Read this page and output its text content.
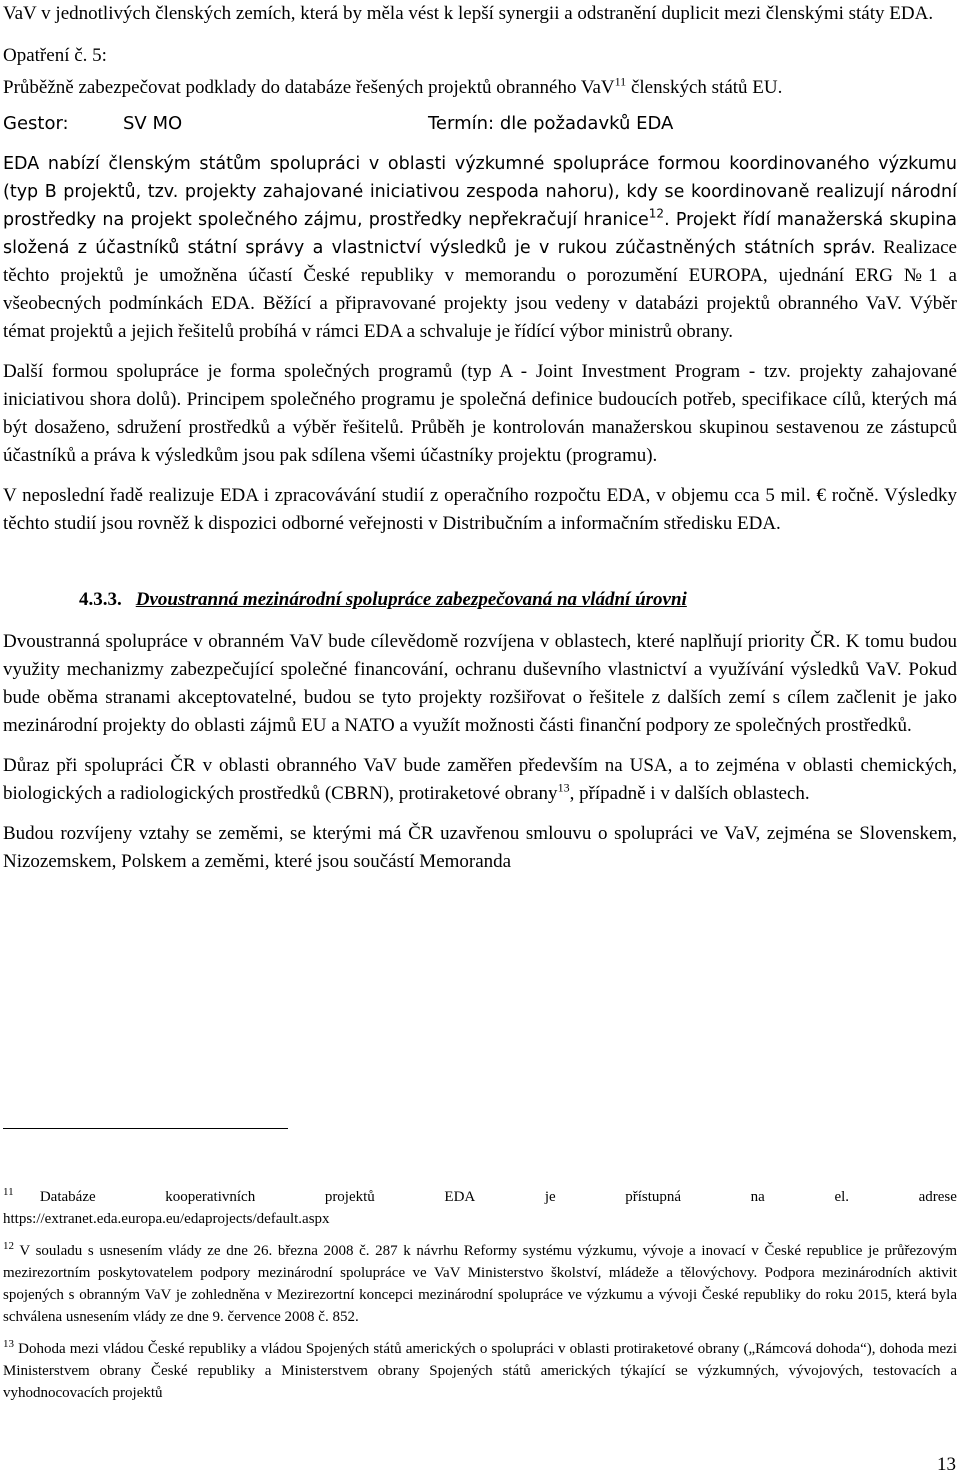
VaV v jednotlivých členských zemích, která by měla vést k lepší synergii a odstranění duplicit mezi členskými státy EDA.

Opatření č. 5:

Průběžně zabezpečovat podklady do databáze řešených projektů obranného VaV$^{11}$ členských států EU.

Gestor:	SV MO	Termín: dle požadavků EDA

EDA nabízí členským státům spolupráci v oblasti výzkumné spolupráce formou koordinovaného výzkumu (typ B projektů, tzv. projekty zahajované iniciativou zespoda nahoru), kdy se koordinovaně realizují národní prostředky na projekt společného zájmu, prostředky nepřekračují hranice$^{12}$. Projekt řídí manažerská skupina složená z účastníků státní správy a vlastnictví výsledků je v rukou zúčastněných státních správ. Realizace těchto projektů je umožněna účastí České republiky v memorandu o porozumění EUROPA, ujednání ERG №1 a všeobecných podmínkách EDA. Běžící a připravované projekty jsou vedeny v databázi projektů obranného VaV. Výběr témat projektů a jejich řešitelů probíhá v rámci EDA a schvaluje je řídící výbor ministrů obrany.

Další formou spolupráce je forma společných programů (typ A - Joint Investment Program - tzv. projekty zahajované iniciativou shora dolů). Principem společného programu je společná definice budoucích potřeb, specifikace cílů, kterých má být dosaženo, sdružení prostředků a výběr řešitelů. Průběh je kontrolován manažerskou skupinou sestavenou ze zástupců účastníků a práva k výsledkům jsou pak sdílena všemi účastníky projektu (programu).

V neposlední řadě realizuje EDA i zpracovávání studií z operačního rozpočtu EDA, v objemu cca 5 mil. € ročně. Výsledky těchto studií jsou rovněž k dispozici odborné veřejnosti v Distribučním a informačním středisku EDA.

4.3.3. Dvoustranná mezinárodní spolupráce zabezpečovaná na vládní úrovni

Dvoustranná spolupráce v obranném VaV bude cílevědomě rozvíjena v oblastech, které naplňují priority ČR. K tomu budou využity mechanizmy zabezpečující společné financování, ochranu duševního vlastnictví a využívání výsledků VaV. Pokud bude oběma stranami akceptovatelné, budou se tyto projekty rozšiřovat o řešitele z dalších zemí s cílem začlenit je jako mezinárodní projekty do oblasti zájmů EU a NATO a využít možnosti části finanční podpory ze společných prostředků.

Důraz při spolupráci ČR v oblasti obranného VaV bude zaměřen především na USA, a to zejména v oblasti chemických, biologických a radiologických prostředků (CBRN), protiraketové obrany$^{13}$, případně i v dalších oblastech.

Budou rozvíjeny vztahy se zeměmi, se kterými má ČR uzavřenou smlouvu o spolupráci ve VaV, zejména se Slovenskem, Nizozemskem, Polskem a zeměmi, které jsou součástí Memoranda

$^{11}$ Databáze	kooperativních	projektů	EDA	je	přístupná	na	el.	adrese
https://extranet.eda.europa.eu/edaprojects/default.aspx
$^{12}$ V souladu s usnesením vlády ze dne 26. března 2008 č. 287 k návrhu Reformy systému výzkumu, vývoje a inovací v České republice je průřezovým mezirezortním poskytovatelem podpory mezinárodní spolupráce ve VaV Ministerstvo školství, mládeže a tělovýchovy. Podpora mezinárodních aktivit spojených s obranným VaV je zohledněna v Mezirezortní koncepci mezinárodní spolupráce ve výzkumu a vývoji České republiky do roku 2015, která byla schválena usnesením vlády ze dne 9. července 2008 č. 852.
$^{13}$ Dohoda mezi vládou České republiky a vládou Spojených států amerických o spolupráci v oblasti protiraketové obrany („Rámcová dohoda“), dohoda mezi Ministerstvem obrany České republiky a Ministerstvem obrany Spojených států amerických týkající se výzkumných, vývojových, testovacích a vyhodnocovacích projektů
13
